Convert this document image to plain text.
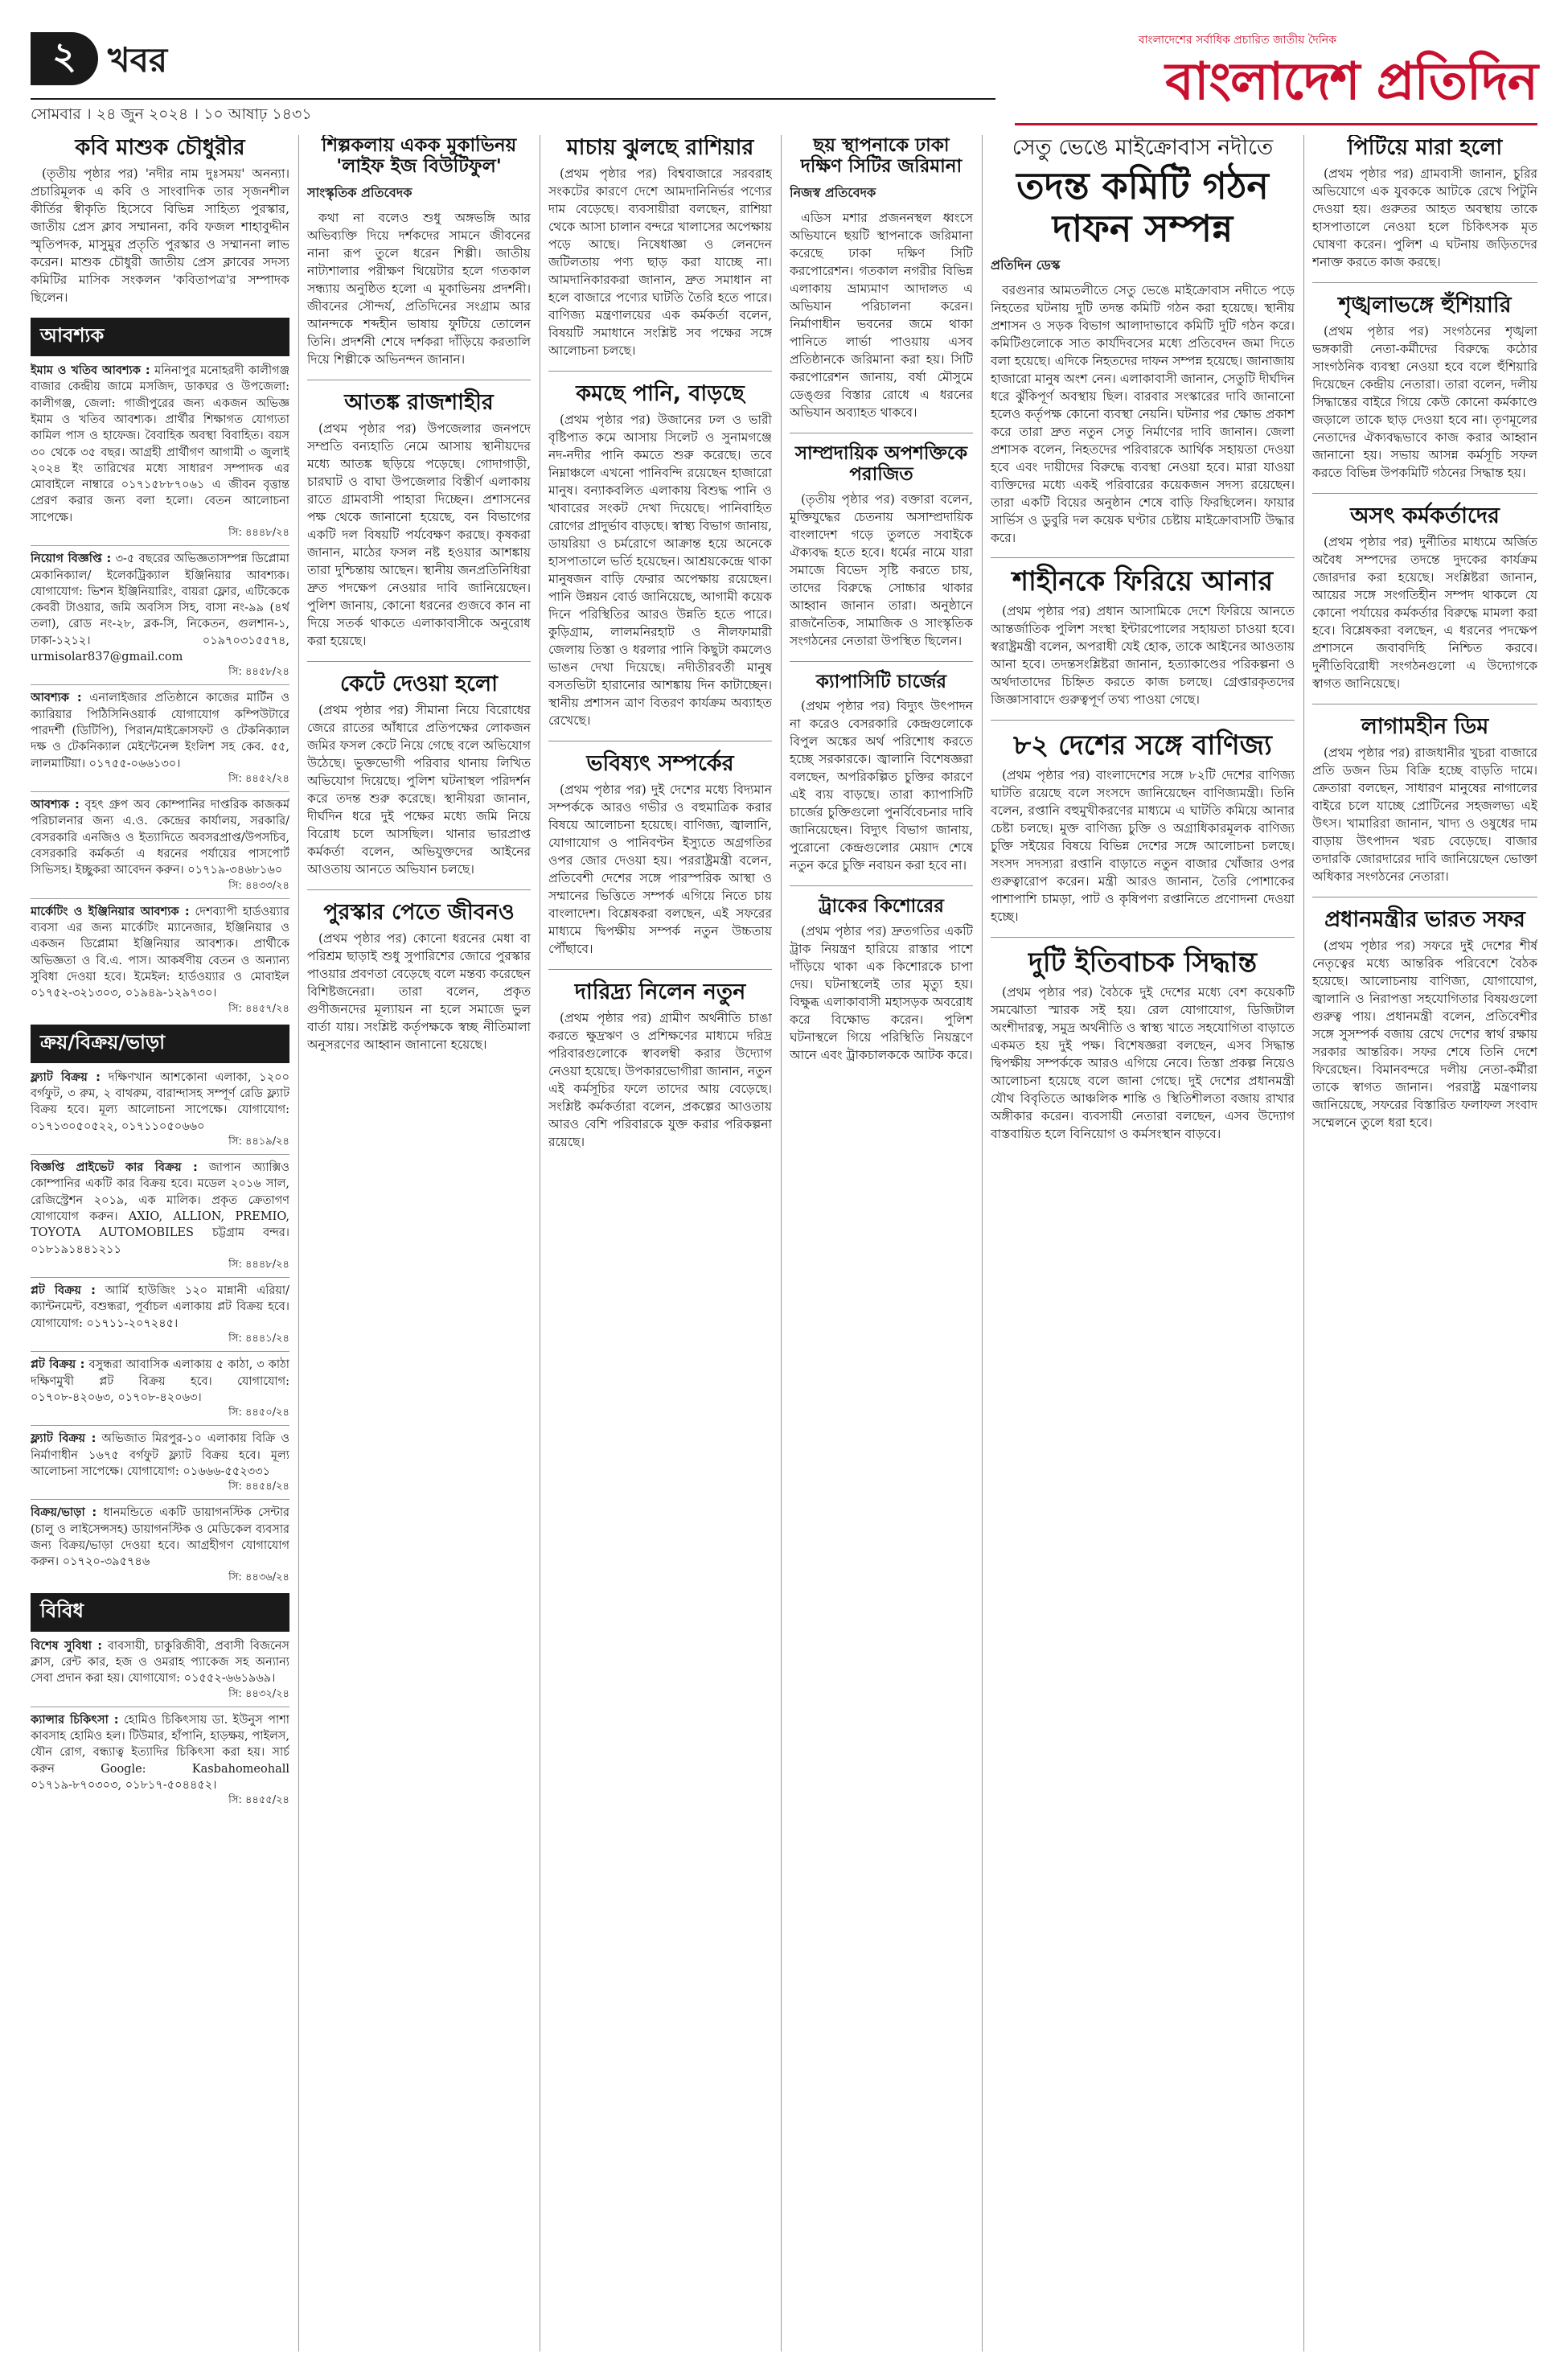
২ খবর
সোমবার । ২৪ জুন ২০২৪ । ১০ আষাঢ় ১৪৩১
বাংলাদেশের সর্বাধিক প্রচারিত জাতীয় দৈনিক
বাংলাদেশ প্রতিদিন
কবি মাশুক চৌধুরীর

(তৃতীয় পৃষ্ঠার পর) 'নদীর নাম দুঃসময়' অনন্যা। প্রচারিমূলক এ কবি ও সাংবাদিক তার সৃজনশীল কীর্তির স্বীকৃতি হিসেবে বিভিন্ন সাহিত্য পুরস্কার, জাতীয় প্রেস ক্লাব সম্মাননা, কবি ফজল শাহাবুদ্দীন স্মৃতিপদক, মাসুমুর প্রতৃতি পুরস্কার ও সম্মাননা লাভ করেন। মাশুক চৌধুরী জাতীয় প্রেস ক্লাবের সদস্য কমিটির মাসিক সংকলন 'কবিতাপত্র'র সম্পাদক ছিলেন।

আবশ্যক
ইমাম ও খতিব আবশ্যক : মনিনাপুর মনোহরদী কালীগঞ্জ বাজার কেন্দ্রীয় জামে মসজিদ, ডাকঘর ও উপজেলা: কালীগঞ্জ, জেলা: গাজীপুরের জন্য একজন অভিজ্ঞ ইমাম ও খতিব আবশ্যক। প্রার্থীর শিক্ষাগত যোগ্যতা কামিল পাস ও হাফেজ। বৈবাহিক অবস্থা বিবাহিত। বয়স ৩০ থেকে ৩৫ বছর। আগ্রহী প্রার্থীগণ আগামী ৩ জুলাই ২০২৪ ইং তারিখের মধ্যে সাধারণ সম্পাদক এর মোবাইলে নাম্বারে ০১৭১৫৮৮৭০৬১ এ জীবন বৃত্তান্ত প্রেরণ করার জন্য বলা হলো। বেতন আলোচনা সাপেক্ষে।
সি: ৪৪৪৮/২৪
নিয়োগ বিজ্ঞপ্তি : ৩-৫ বছরের অভিজ্ঞতাসম্পন্ন ডিপ্লোমা মেকানিক্যাল/ ইলেকট্রিক্যাল ইঞ্জিনিয়ার আবশ্যক। যোগাযোগ: ভিশন ইঞ্জিনিয়ারিং, বায়রা ফ্লোর, এটিকেকে কেবরী টাওয়ার, জমি অবসিস সিহ, বাসা নং-৯৯ (৪র্থ তলা), রোড নং-২৮, ব্লক-সি, নিকেতন, গুলশান-১, ঢাকা-১২১২। ০১৯৭০৩১৫৫৭৪, urmisolar837@gmail.com
সি: ৪৪৫৮/২৪
আবশ্যক : এনালাইজার প্রতিষ্ঠানে কাজের মার্টিন ও ক্যারিয়ার পিঠিসিনিওয়ার্ক যোগাযোগ কম্পিউটারে পারদর্শী (ডিটিপি), পিরান/মাইক্রোসফট ও টেকনিক্যাল দক্ষ ও টেকনিক্যাল মেইন্টেনেন্স ইংলিশ সহ কেব. ৫৫, লালমাটিয়া। ০১৭৫৫-০৬৬১৩০।
সি: ৪৪৫২/২৪
আবশ্যক : বৃহৎ গ্রুপ অব কোম্পানির দাপ্তরিক কাজকর্ম পরিচালনার জন্য এ.ও. কেন্দ্রের কার্যালয়, সরকারি/বেসরকারি এনজিও ও ইত্যাদিতে অবসরপ্রাপ্ত/উপসচিব, বেসরকারি কর্মকর্তা এ ধরনের পর্যায়ের পাসপোর্ট সিভিসহ। ইচ্ছুকরা আবেদন করুন। ০১৭১৯-৩৪৬৮১৬০
সি: ৪৪৩৩/২৪
মার্কেটিং ও ইঞ্জিনিয়ার আবশ্যক : দেশব্যাপী হার্ডওয়্যার ব্যবসা এর জন্য মার্কেটিং ম্যানেজার, ইঞ্জিনিয়ার ও একজন ডিপ্লোমা ইঞ্জিনিয়ার আবশ্যক। প্রার্থীকে অভিজ্ঞতা ও বি.এ. পাস। আকর্ষণীয় বেতন ও অন্যান্য সুবিধা দেওয়া হবে। ইমেইল: হার্ডওয়্যার ও মোবাইল ০১৭৫২-৩২১৩০৩, ০১৯৪৯-১২৯৭৩০।
সি: ৪৪৫৭/২৪
ক্রয়/বিক্রয়/ভাড়া
ফ্ল্যাট বিক্রয় : দক্ষিণখান আশকোনা এলাকা, ১২০০ বর্গফুট, ৩ রুম, ২ বাথরুম, বারান্দাসহ সম্পূর্ণ রেডি ফ্ল্যাট বিক্রয় হবে। মূল্য আলোচনা সাপেক্ষে। যোগাযোগ: ০১৭১৩০৫০৫২২, ০১৭১১০৫০৬৬০
সি: ৪৪১৯/২৪
বিজ্ঞপ্তি প্রাইভেট কার বিক্রয় : জাপান অ্যাক্সিও কোম্পানির একটি কার বিক্রয় হবে। মডেল ২০১৬ সাল, রেজিস্ট্রেশন ২০১৯, এক মালিক। প্রকৃত ক্রেতাগণ যোগাযোগ করুন। AXIO, ALLION, PREMIO, TOYOTA AUTOMOBILES চট্টগ্রাম বন্দর। ০১৮১৯১৪৪১২১১
সি: ৪৪৪৮/২৪
প্লট বিক্রয় : আর্মি হাউজিং ১২০ মান্নানী এরিয়া/ক্যান্টনমেন্ট, বশুন্ধরা, পূর্বাচল এলাকায় প্লট বিক্রয় হবে। যোগাযোগ: ০১৭১১-২০৭২৪৫।
সি: ৪৪৪১/২৪
প্লট বিক্রয় : বসুন্ধরা আবাসিক এলাকায় ৫ কাঠা, ৩ কাঠা দক্ষিণমুখী প্লট বিক্রয় হবে। যোগাযোগ: ০১৭০৮-৪২০৬৩, ০১৭০৮-৪২০৬৩।
সি: ৪৪৫০/২৪
ফ্ল্যাট বিক্রয় : অভিজাত মিরপুর-১০ এলাকায় বিক্রি ও নির্মাণাধীন ১৬৭৫ বর্গফুট ফ্ল্যাট বিক্রয় হবে। মূল্য আলোচনা সাপেক্ষে। যোগাযোগ: ০১৬৬৬-৫৫২৩৩১
সি: ৪৪৫৪/২৪
বিক্রয়/ভাড়া : ধানমন্ডিতে একটি ডায়াগনস্টিক সেন্টার (চালু ও লাইসেন্সসহ) ডায়াগনস্টিক ও মেডিকেল ব্যবসার জন্য বিক্রয়/ভাড়া দেওয়া হবে। আগ্রহীগণ যোগাযোগ করুন। ০১৭২০-৩৯৫৭৪৬
সি: ৪৪৩৬/২৪
বিবিধ
বিশেষ সুবিধা : বাবসায়ী, চাকুরিজীবী, প্রবাসী বিজনেস ক্লাস, রেন্ট কার, হজ ও ওমরাহ প্যাকেজ সহ অন্যান্য সেবা প্রদান করা হয়। যোগাযোগ: ০১৫৫২-৬৬১৯৬৯।
সি: ৪৪৩২/২৪
ক্যান্সার চিকিৎসা : হোমিও চিকিৎসায় ডা. ইউনুস পাশা কাবসাহ হোমিও হল। টিউমার, হাঁপানি, হাড়ক্ষয়, পাইলস, যৌন রোগ, বন্ধ্যাত্ব ইত্যাদির চিকিৎসা করা হয়। সার্চ করুন Google: Kasbahomeohall ০১৭১৯-৮৭০৩০৩, ০১৮১৭-৫০৪৪৫২।
সি: ৪৪৫৫/২৪
শিল্পকলায় একক মুকাভিনয় 'লাইফ ইজ বিউটিফুল'
সাংস্কৃতিক প্রতিবেদক

কথা না বলেও শুধু অঙ্গভঙ্গি আর অভিব্যক্তি দিয়ে দর্শকদের সামনে জীবনের নানা রূপ তুলে ধরেন শিল্পী। জাতীয় নাট্যশালার পরীক্ষণ থিয়েটার হলে গতকাল সন্ধ্যায় অনুষ্ঠিত হলো এ মূকাভিনয় প্রদর্শনী। জীবনের সৌন্দর্য, প্রতিদিনের সংগ্রাম আর আনন্দকে শব্দহীন ভাষায় ফুটিয়ে তোলেন তিনি। প্রদর্শনী শেষে দর্শকরা দাঁড়িয়ে করতালি দিয়ে শিল্পীকে অভিনন্দন জানান।

আতঙ্ক রাজশাহীর

(প্রথম পৃষ্ঠার পর) উপজেলার জনপদে সম্প্রতি বন্যহাতি নেমে আসায় স্থানীয়দের মধ্যে আতঙ্ক ছড়িয়ে পড়েছে। গোদাগাড়ী, চারঘাট ও বাঘা উপজেলার বিস্তীর্ণ এলাকায় রাতে গ্রামবাসী পাহারা দিচ্ছেন। প্রশাসনের পক্ষ থেকে জানানো হয়েছে, বন বিভাগের একটি দল বিষয়টি পর্যবেক্ষণ করছে। কৃষকরা জানান, মাঠের ফসল নষ্ট হওয়ার আশঙ্কায় তারা দুশ্চিন্তায় আছেন। স্থানীয় জনপ্রতিনিধিরা দ্রুত পদক্ষেপ নেওয়ার দাবি জানিয়েছেন। পুলিশ জানায়, কোনো ধরনের গুজবে কান না দিয়ে সতর্ক থাকতে এলাকাবাসীকে অনুরোধ করা হয়েছে।

কেটে দেওয়া হলো

(প্রথম পৃষ্ঠার পর) সীমানা নিয়ে বিরোধের জেরে রাতের আঁধারে প্রতিপক্ষের লোকজন জমির ফসল কেটে নিয়ে গেছে বলে অভিযোগ উঠেছে। ভুক্তভোগী পরিবার থানায় লিখিত অভিযোগ দিয়েছে। পুলিশ ঘটনাস্থল পরিদর্শন করে তদন্ত শুরু করেছে। স্থানীয়রা জানান, দীর্ঘদিন ধরে দুই পক্ষের মধ্যে জমি নিয়ে বিরোধ চলে আসছিল। থানার ভারপ্রাপ্ত কর্মকর্তা বলেন, অভিযুক্তদের আইনের আওতায় আনতে অভিযান চলছে।

পুরস্কার পেতে জীবনও

(প্রথম পৃষ্ঠার পর) কোনো ধরনের মেধা বা পরিশ্রম ছাড়াই শুধু সুপারিশের জোরে পুরস্কার পাওয়ার প্রবণতা বেড়েছে বলে মন্তব্য করেছেন বিশিষ্টজনেরা। তারা বলেন, প্রকৃত গুণীজনদের মূল্যায়ন না হলে সমাজে ভুল বার্তা যায়। সংশ্লিষ্ট কর্তৃপক্ষকে স্বচ্ছ নীতিমালা অনুসরণের আহ্বান জানানো হয়েছে।

মাচায় ঝুলছে রাশিয়ার

(প্রথম পৃষ্ঠার পর) বিশ্ববাজারে সরবরাহ সংকটের কারণে দেশে আমদানিনির্ভর পণ্যের দাম বেড়েছে। ব্যবসায়ীরা বলছেন, রাশিয়া থেকে আসা চালান বন্দরে খালাসের অপেক্ষায় পড়ে আছে। নিষেধাজ্ঞা ও লেনদেন জটিলতায় পণ্য ছাড় করা যাচ্ছে না। আমদানিকারকরা জানান, দ্রুত সমাধান না হলে বাজারে পণ্যের ঘাটতি তৈরি হতে পারে। বাণিজ্য মন্ত্রণালয়ের এক কর্মকর্তা বলেন, বিষয়টি সমাধানে সংশ্লিষ্ট সব পক্ষের সঙ্গে আলোচনা চলছে।

কমছে পানি, বাড়ছে

(প্রথম পৃষ্ঠার পর) উজানের ঢল ও ভারী বৃষ্টিপাত কমে আসায় সিলেট ও সুনামগঞ্জে নদ-নদীর পানি কমতে শুরু করেছে। তবে নিম্নাঞ্চলে এখনো পানিবন্দি রয়েছেন হাজারো মানুষ। বন্যাকবলিত এলাকায় বিশুদ্ধ পানি ও খাবারের সংকট দেখা দিয়েছে। পানিবাহিত রোগের প্রাদুর্ভাব বাড়ছে। স্বাস্থ্য বিভাগ জানায়, ডায়রিয়া ও চর্মরোগে আক্রান্ত হয়ে অনেকে হাসপাতালে ভর্তি হয়েছেন। আশ্রয়কেন্দ্রে থাকা মানুষজন বাড়ি ফেরার অপেক্ষায় রয়েছেন। পানি উন্নয়ন বোর্ড জানিয়েছে, আগামী কয়েক দিনে পরিস্থিতির আরও উন্নতি হতে পারে। কুড়িগ্রাম, লালমনিরহাট ও নীলফামারী জেলায় তিস্তা ও ধরলার পানি কিছুটা কমলেও ভাঙন দেখা দিয়েছে। নদীতীরবর্তী মানুষ বসতভিটা হারানোর আশঙ্কায় দিন কাটাচ্ছেন। স্থানীয় প্রশাসন ত্রাণ বিতরণ কার্যক্রম অব্যাহত রেখেছে।

ভবিষ্যৎ সম্পর্কের

(প্রথম পৃষ্ঠার পর) দুই দেশের মধ্যে বিদ্যমান সম্পর্ককে আরও গভীর ও বহুমাত্রিক করার বিষয়ে আলোচনা হয়েছে। বাণিজ্য, জ্বালানি, যোগাযোগ ও পানিবণ্টন ইস্যুতে অগ্রগতির ওপর জোর দেওয়া হয়। পররাষ্ট্রমন্ত্রী বলেন, প্রতিবেশী দেশের সঙ্গে পারস্পরিক আস্থা ও সম্মানের ভিত্তিতে সম্পর্ক এগিয়ে নিতে চায় বাংলাদেশ। বিশ্লেষকরা বলছেন, এই সফরের মাধ্যমে দ্বিপক্ষীয় সম্পর্ক নতুন উচ্চতায় পৌঁছাবে।

দারিদ্র্য নিলেন নতুন

(প্রথম পৃষ্ঠার পর) গ্রামীণ অর্থনীতি চাঙা করতে ক্ষুদ্রঋণ ও প্রশিক্ষণের মাধ্যমে দরিদ্র পরিবারগুলোকে স্বাবলম্বী করার উদ্যোগ নেওয়া হয়েছে। উপকারভোগীরা জানান, নতুন এই কর্মসূচির ফলে তাদের আয় বেড়েছে। সংশ্লিষ্ট কর্মকর্তারা বলেন, প্রকল্পের আওতায় আরও বেশি পরিবারকে যুক্ত করার পরিকল্পনা রয়েছে।

ছয় স্থাপনাকে ঢাকা দক্ষিণ সিটির জরিমানা
নিজস্ব প্রতিবেদক

এডিস মশার প্রজননস্থল ধ্বংসে অভিযানে ছয়টি স্থাপনাকে জরিমানা করেছে ঢাকা দক্ষিণ সিটি করপোরেশন। গতকাল নগরীর বিভিন্ন এলাকায় ভ্রাম্যমাণ আদালত এ অভিযান পরিচালনা করেন। নির্মাণাধীন ভবনের জমে থাকা পানিতে লার্ভা পাওয়ায় এসব প্রতিষ্ঠানকে জরিমানা করা হয়। সিটি করপোরেশন জানায়, বর্ষা মৌসুমে ডেঙ্গুর বিস্তার রোধে এ ধরনের অভিযান অব্যাহত থাকবে।

সাম্প্রদায়িক অপশক্তিকে পরাজিত

(তৃতীয় পৃষ্ঠার পর) বক্তারা বলেন, মুক্তিযুদ্ধের চেতনায় অসাম্প্রদায়িক বাংলাদেশ গড়ে তুলতে সবাইকে ঐক্যবদ্ধ হতে হবে। ধর্মের নামে যারা সমাজে বিভেদ সৃষ্টি করতে চায়, তাদের বিরুদ্ধে সোচ্চার থাকার আহ্বান জানান তারা। অনুষ্ঠানে রাজনৈতিক, সামাজিক ও সাংস্কৃতিক সংগঠনের নেতারা উপস্থিত ছিলেন।

ক্যাপাসিটি চার্জের

(প্রথম পৃষ্ঠার পর) বিদ্যুৎ উৎপাদন না করেও বেসরকারি কেন্দ্রগুলোকে বিপুল অঙ্কের অর্থ পরিশোধ করতে হচ্ছে সরকারকে। জ্বালানি বিশেষজ্ঞরা বলছেন, অপরিকল্পিত চুক্তির কারণে এই ব্যয় বাড়ছে। তারা ক্যাপাসিটি চার্জের চুক্তিগুলো পুনর্বিবেচনার দাবি জানিয়েছেন। বিদ্যুৎ বিভাগ জানায়, পুরোনো কেন্দ্রগুলোর মেয়াদ শেষে নতুন করে চুক্তি নবায়ন করা হবে না।

ট্রাকের কিশোরের

(প্রথম পৃষ্ঠার পর) দ্রুতগতির একটি ট্রাক নিয়ন্ত্রণ হারিয়ে রাস্তার পাশে দাঁড়িয়ে থাকা এক কিশোরকে চাপা দেয়। ঘটনাস্থলেই তার মৃত্যু হয়। বিক্ষুব্ধ এলাকাবাসী মহাসড়ক অবরোধ করে বিক্ষোভ করেন। পুলিশ ঘটনাস্থলে গিয়ে পরিস্থিতি নিয়ন্ত্রণে আনে এবং ট্রাকচালককে আটক করে।

সেতু ভেঙে মাইক্রোবাস নদীতে
তদন্ত কমিটি গঠন দাফন সম্পন্ন
প্রতিদিন ডেস্ক

বরগুনার আমতলীতে সেতু ভেঙে মাইক্রোবাস নদীতে পড়ে নিহতের ঘটনায় দুটি তদন্ত কমিটি গঠন করা হয়েছে। স্থানীয় প্রশাসন ও সড়ক বিভাগ আলাদাভাবে কমিটি দুটি গঠন করে। কমিটিগুলোকে সাত কার্যদিবসের মধ্যে প্রতিবেদন জমা দিতে বলা হয়েছে। এদিকে নিহতদের দাফন সম্পন্ন হয়েছে। জানাজায় হাজারো মানুষ অংশ নেন। এলাকাবাসী জানান, সেতুটি দীর্ঘদিন ধরে ঝুঁকিপূর্ণ অবস্থায় ছিল। বারবার সংস্কারের দাবি জানানো হলেও কর্তৃপক্ষ কোনো ব্যবস্থা নেয়নি। ঘটনার পর ক্ষোভ প্রকাশ করে তারা দ্রুত নতুন সেতু নির্মাণের দাবি জানান। জেলা প্রশাসক বলেন, নিহতদের পরিবারকে আর্থিক সহায়তা দেওয়া হবে এবং দায়ীদের বিরুদ্ধে ব্যবস্থা নেওয়া হবে। মারা যাওয়া ব্যক্তিদের মধ্যে একই পরিবারের কয়েকজন সদস্য রয়েছেন। তারা একটি বিয়ের অনুষ্ঠান শেষে বাড়ি ফিরছিলেন। ফায়ার সার্ভিস ও ডুবুরি দল কয়েক ঘণ্টার চেষ্টায় মাইক্রোবাসটি উদ্ধার করে।

শাহীনকে ফিরিয়ে আনার

(প্রথম পৃষ্ঠার পর) প্রধান আসামিকে দেশে ফিরিয়ে আনতে আন্তর্জাতিক পুলিশ সংস্থা ইন্টারপোলের সহায়তা চাওয়া হবে। স্বরাষ্ট্রমন্ত্রী বলেন, অপরাধী যেই হোক, তাকে আইনের আওতায় আনা হবে। তদন্তসংশ্লিষ্টরা জানান, হত্যাকাণ্ডের পরিকল্পনা ও অর্থদাতাদের চিহ্নিত করতে কাজ চলছে। গ্রেপ্তারকৃতদের জিজ্ঞাসাবাদে গুরুত্বপূর্ণ তথ্য পাওয়া গেছে।

৮২ দেশের সঙ্গে বাণিজ্য

(প্রথম পৃষ্ঠার পর) বাংলাদেশের সঙ্গে ৮২টি দেশের বাণিজ্য ঘাটতি রয়েছে বলে সংসদে জানিয়েছেন বাণিজ্যমন্ত্রী। তিনি বলেন, রপ্তানি বহুমুখীকরণের মাধ্যমে এ ঘাটতি কমিয়ে আনার চেষ্টা চলছে। মুক্ত বাণিজ্য চুক্তি ও অগ্রাধিকারমূলক বাণিজ্য চুক্তি সইয়ের বিষয়ে বিভিন্ন দেশের সঙ্গে আলোচনা চলছে। সংসদ সদস্যরা রপ্তানি বাড়াতে নতুন বাজার খোঁজার ওপর গুরুত্বারোপ করেন। মন্ত্রী আরও জানান, তৈরি পোশাকের পাশাপাশি চামড়া, পাট ও কৃষিপণ্য রপ্তানিতে প্রণোদনা দেওয়া হচ্ছে।

দুটি ইতিবাচক সিদ্ধান্ত

(প্রথম পৃষ্ঠার পর) বৈঠকে দুই দেশের মধ্যে বেশ কয়েকটি সমঝোতা স্মারক সই হয়। রেল যোগাযোগ, ডিজিটাল অংশীদারত্ব, সমুদ্র অর্থনীতি ও স্বাস্থ্য খাতে সহযোগিতা বাড়াতে একমত হয় দুই পক্ষ। বিশেষজ্ঞরা বলছেন, এসব সিদ্ধান্ত দ্বিপক্ষীয় সম্পর্ককে আরও এগিয়ে নেবে। তিস্তা প্রকল্প নিয়েও আলোচনা হয়েছে বলে জানা গেছে। দুই দেশের প্রধানমন্ত্রী যৌথ বিবৃতিতে আঞ্চলিক শান্তি ও স্থিতিশীলতা বজায় রাখার অঙ্গীকার করেন। ব্যবসায়ী নেতারা বলছেন, এসব উদ্যোগ বাস্তবায়িত হলে বিনিয়োগ ও কর্মসংস্থান বাড়বে।

পিটিয়ে মারা হলো

(প্রথম পৃষ্ঠার পর) গ্রামবাসী জানান, চুরির অভিযোগে এক যুবককে আটকে রেখে পিটুনি দেওয়া হয়। গুরুতর আহত অবস্থায় তাকে হাসপাতালে নেওয়া হলে চিকিৎসক মৃত ঘোষণা করেন। পুলিশ এ ঘটনায় জড়িতদের শনাক্ত করতে কাজ করছে।

শৃঙ্খলাভঙ্গে হুঁশিয়ারি

(প্রথম পৃষ্ঠার পর) সংগঠনের শৃঙ্খলা ভঙ্গকারী নেতা-কর্মীদের বিরুদ্ধে কঠোর সাংগঠনিক ব্যবস্থা নেওয়া হবে বলে হুঁশিয়ারি দিয়েছেন কেন্দ্রীয় নেতারা। তারা বলেন, দলীয় সিদ্ধান্তের বাইরে গিয়ে কেউ কোনো কর্মকাণ্ডে জড়ালে তাকে ছাড় দেওয়া হবে না। তৃণমূলের নেতাদের ঐক্যবদ্ধভাবে কাজ করার আহ্বান জানানো হয়। সভায় আসন্ন কর্মসূচি সফল করতে বিভিন্ন উপকমিটি গঠনের সিদ্ধান্ত হয়।

অসৎ কর্মকর্তাদের

(প্রথম পৃষ্ঠার পর) দুর্নীতির মাধ্যমে অর্জিত অবৈধ সম্পদের তদন্তে দুদকের কার্যক্রম জোরদার করা হয়েছে। সংশ্লিষ্টরা জানান, আয়ের সঙ্গে সংগতিহীন সম্পদ থাকলে যে কোনো পর্যায়ের কর্মকর্তার বিরুদ্ধে মামলা করা হবে। বিশ্লেষকরা বলছেন, এ ধরনের পদক্ষেপ প্রশাসনে জবাবদিহি নিশ্চিত করবে। দুর্নীতিবিরোধী সংগঠনগুলো এ উদ্যোগকে স্বাগত জানিয়েছে।

লাগামহীন ডিম

(প্রথম পৃষ্ঠার পর) রাজধানীর খুচরা বাজারে প্রতি ডজন ডিম বিক্রি হচ্ছে বাড়তি দামে। ক্রেতারা বলছেন, সাধারণ মানুষের নাগালের বাইরে চলে যাচ্ছে প্রোটিনের সহজলভ্য এই উৎস। খামারিরা জানান, খাদ্য ও ওষুধের দাম বাড়ায় উৎপাদন খরচ বেড়েছে। বাজার তদারকি জোরদারের দাবি জানিয়েছেন ভোক্তা অধিকার সংগঠনের নেতারা।

প্রধানমন্ত্রীর ভারত সফর

(প্রথম পৃষ্ঠার পর) সফরে দুই দেশের শীর্ষ নেতৃত্বের মধ্যে আন্তরিক পরিবেশে বৈঠক হয়েছে। আলোচনায় বাণিজ্য, যোগাযোগ, জ্বালানি ও নিরাপত্তা সহযোগিতার বিষয়গুলো গুরুত্ব পায়। প্রধানমন্ত্রী বলেন, প্রতিবেশীর সঙ্গে সুসম্পর্ক বজায় রেখে দেশের স্বার্থ রক্ষায় সরকার আন্তরিক। সফর শেষে তিনি দেশে ফিরেছেন। বিমানবন্দরে দলীয় নেতা-কর্মীরা তাকে স্বাগত জানান। পররাষ্ট্র মন্ত্রণালয় জানিয়েছে, সফরের বিস্তারিত ফলাফল সংবাদ সম্মেলনে তুলে ধরা হবে।
